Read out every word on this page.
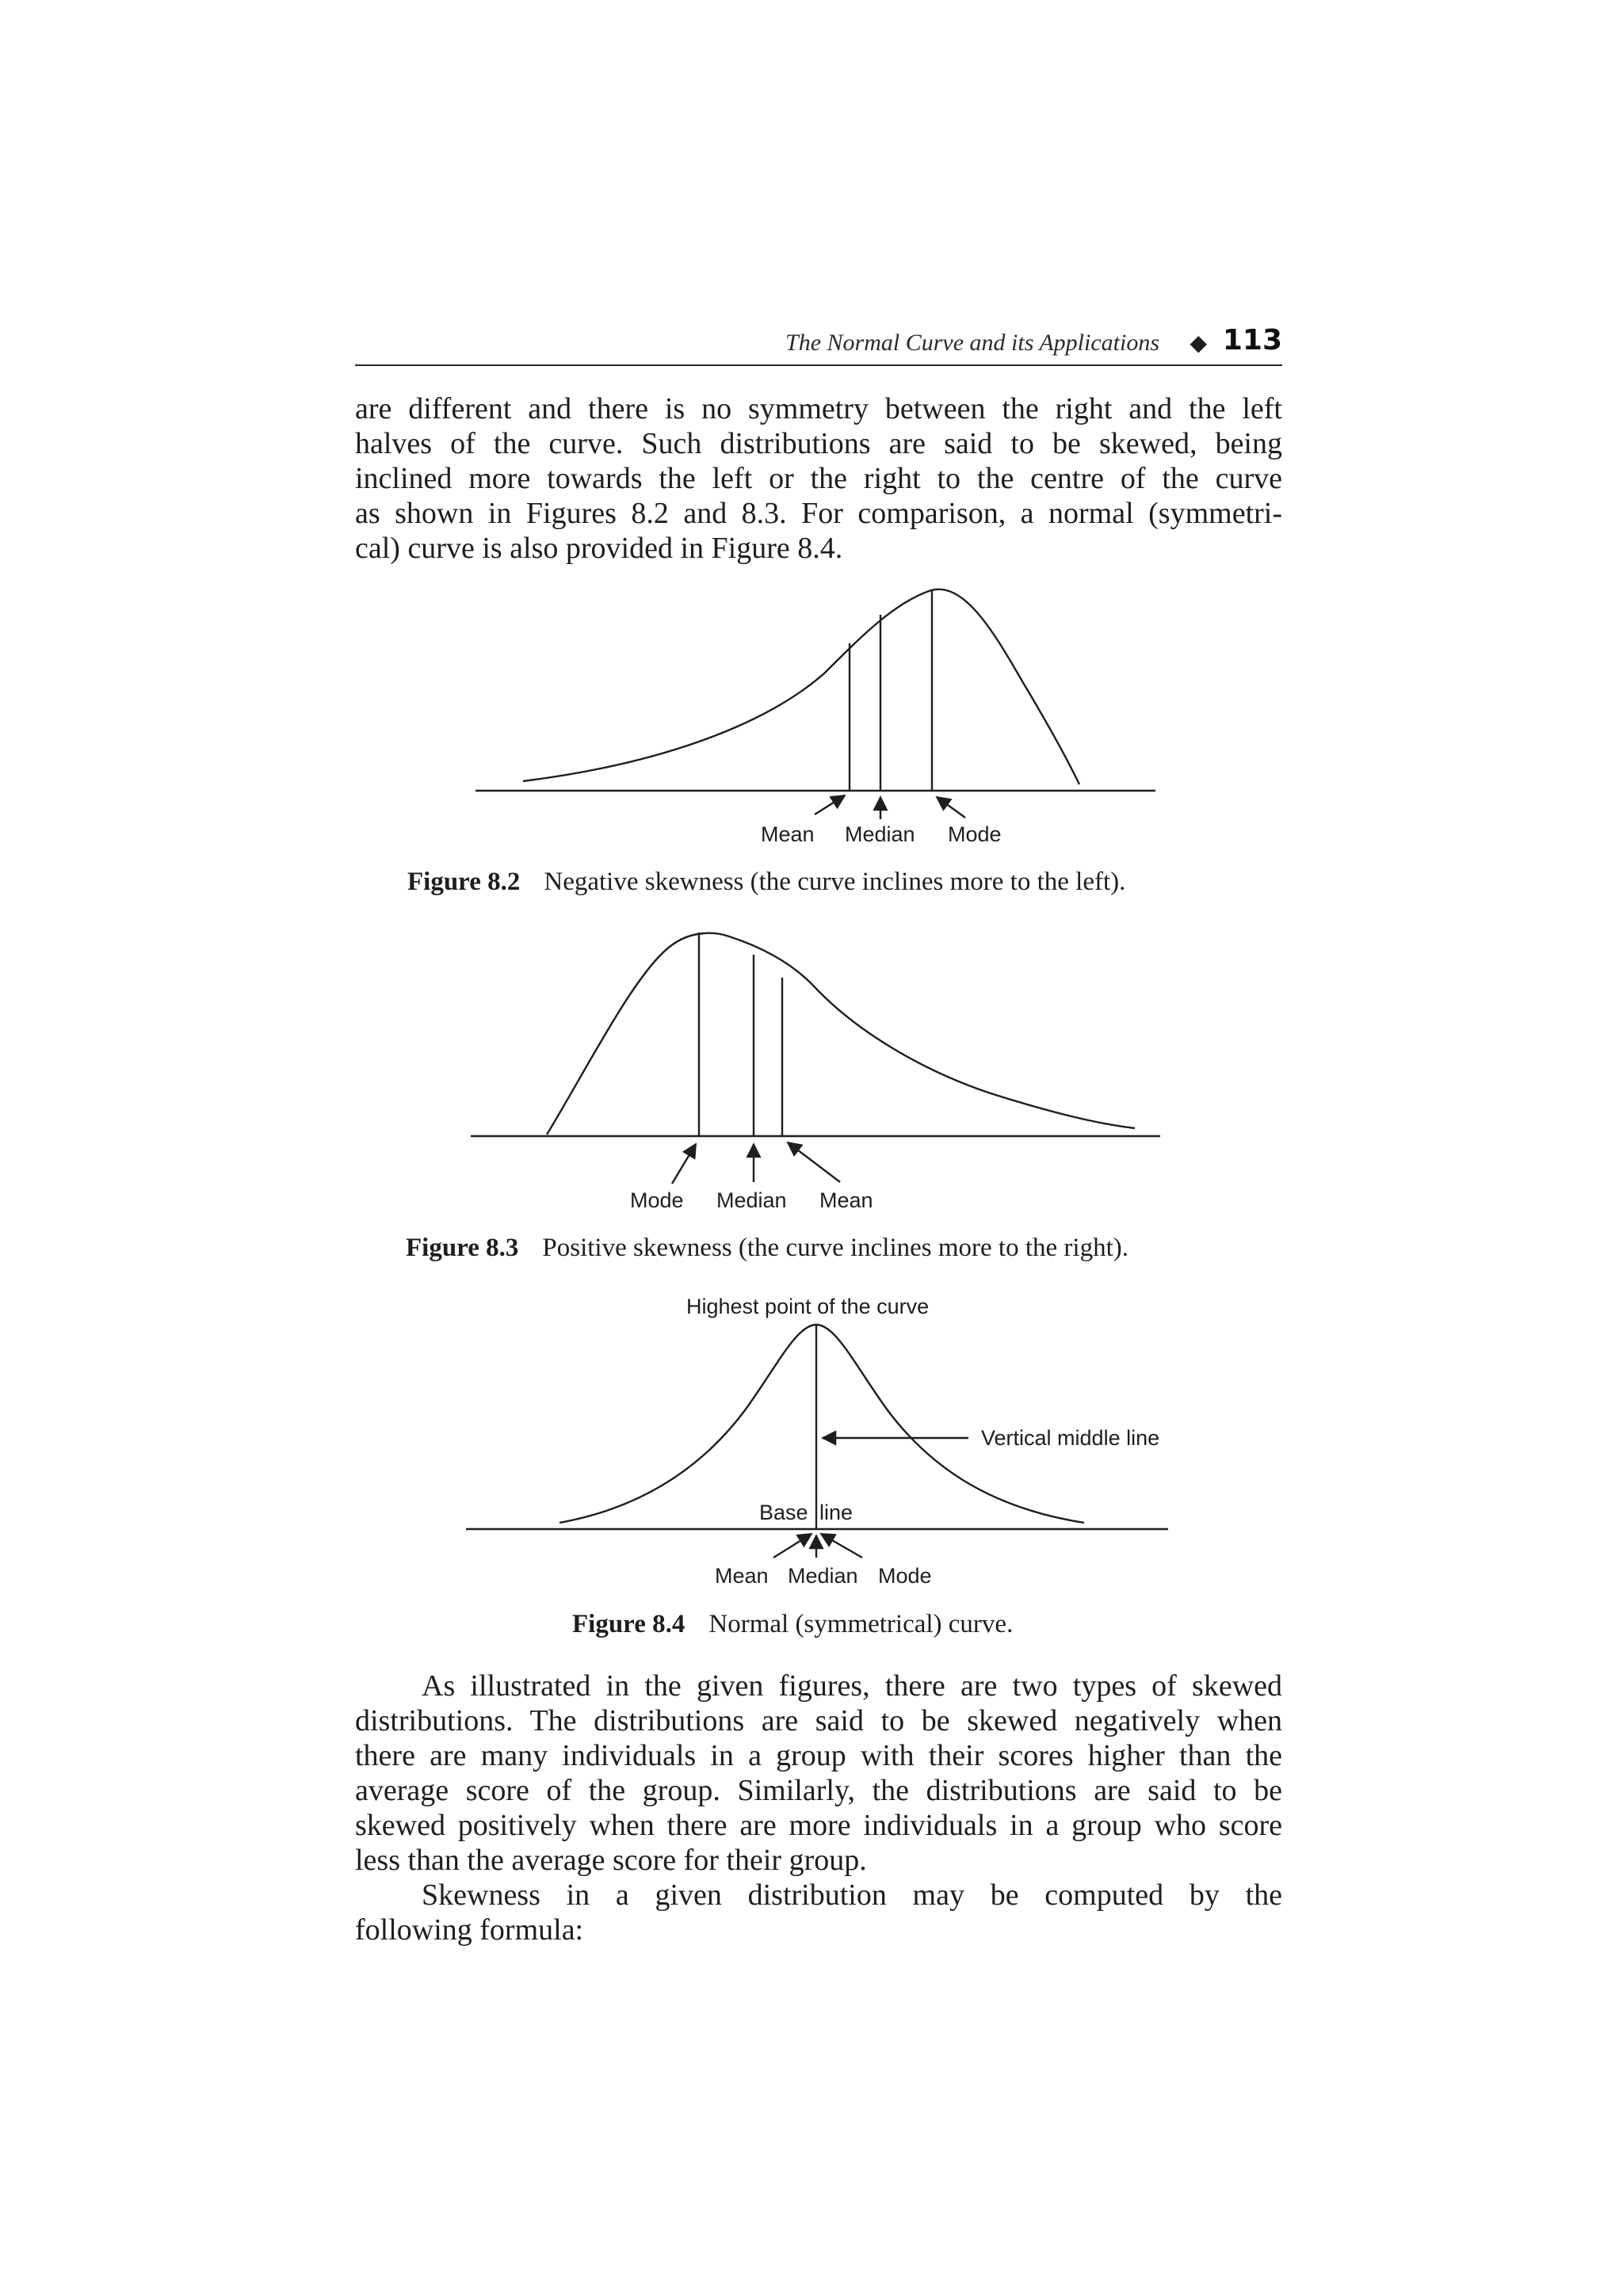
The Normal Curve and its Applications ◆ 113

are different and there is no symmetry between the right and the left
halves of the curve. Such distributions are said to be skewed, being
inclined more towards the left or the right to the centre of the curve
as shown in Figures 8.2 and 8.3. For comparison, a normal (symmetri-
cal) curve is also provided in Figure 8.4.

Mean Median Mode
Mode Median Mean
Highest point of the curve
Vertical middle line
Base line
Mean Median Mode
Figure 8.2 Negative skewness (the curve inclines more to the left).
Figure 8.3 Positive skewness (the curve inclines more to the right).
Figure 8.4 Normal (symmetrical) curve.

As illustrated in the given figures, there are two types of skewed
distributions. The distributions are said to be skewed negatively when
there are many individuals in a group with their scores higher than the
average score of the group. Similarly, the distributions are said to be
skewed positively when there are more individuals in a group who score
less than the average score for their group.

Skewness in a given distribution may be computed by the
following formula:
